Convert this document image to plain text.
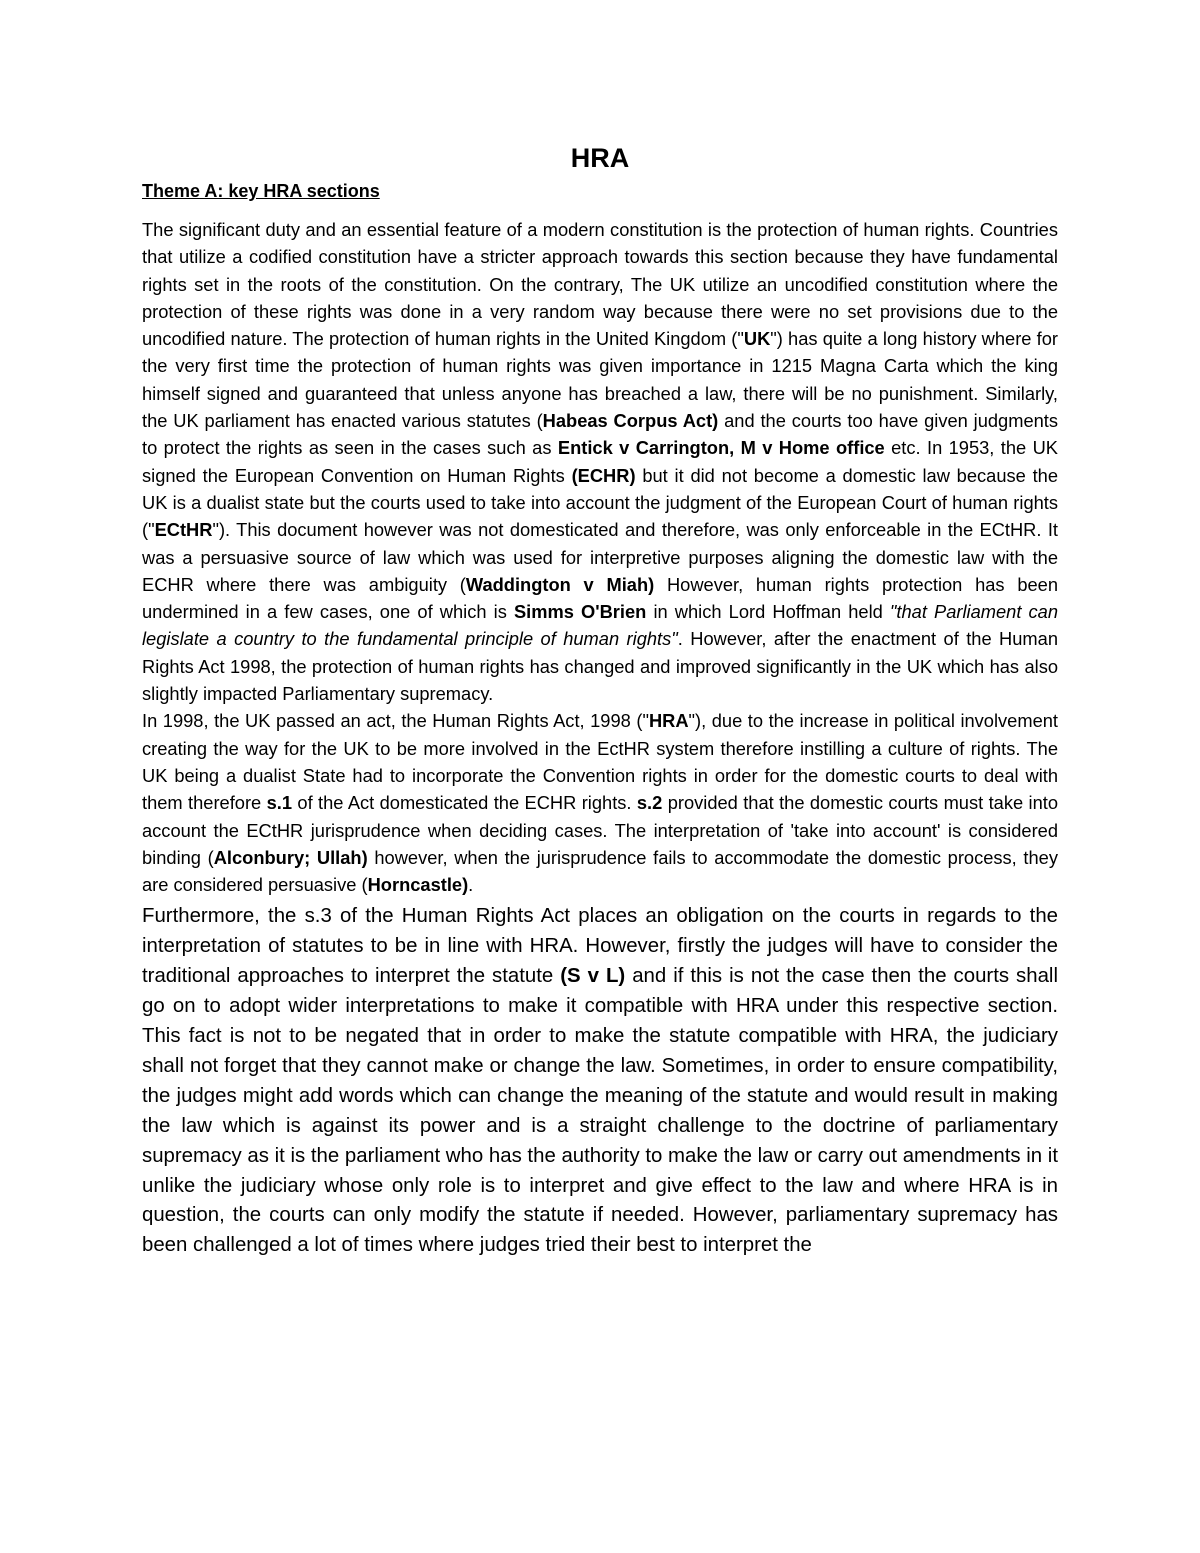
HRA
Theme A: key HRA sections

The significant duty and an essential feature of a modern constitution is the protection of human rights. Countries that utilize a codified constitution have a stricter approach towards this section because they have fundamental rights set in the roots of the constitution. On the contrary, The UK utilize an uncodified constitution where the protection of these rights was done in a very random way because there were no set provisions due to the uncodified nature. The protection of human rights in the United Kingdom ("UK") has quite a long history where for the very first time the protection of human rights was given importance in 1215 Magna Carta which the king himself signed and guaranteed that unless anyone has breached a law, there will be no punishment. Similarly, the UK parliament has enacted various statutes (Habeas Corpus Act) and the courts too have given judgments to protect the rights as seen in the cases such as Entick v Carrington, M v Home office etc. In 1953, the UK signed the European Convention on Human Rights (ECHR) but it did not become a domestic law because the UK is a dualist state but the courts used to take into account the judgment of the European Court of human rights ("ECtHR"). This document however was not domesticated and therefore, was only enforceable in the ECtHR. It was a persuasive source of law which was used for interpretive purposes aligning the domestic law with the ECHR where there was ambiguity (Waddington v Miah) However, human rights protection has been undermined in a few cases, one of which is Simms O'Brien in which Lord Hoffman held "that Parliament can legislate a country to the fundamental principle of human rights". However, after the enactment of the Human Rights Act 1998, the protection of human rights has changed and improved significantly in the UK which has also slightly impacted Parliamentary supremacy.

In 1998, the UK passed an act, the Human Rights Act, 1998 ("HRA"), due to the increase in political involvement creating the way for the UK to be more involved in the EctHR system therefore instilling a culture of rights. The UK being a dualist State had to incorporate the Convention rights in order for the domestic courts to deal with them therefore s.1 of the Act domesticated the ECHR rights. s.2 provided that the domestic courts must take into account the ECtHR jurisprudence when deciding cases. The interpretation of 'take into account' is considered binding (Alconbury; Ullah) however, when the jurisprudence fails to accommodate the domestic process, they are considered persuasive (Horncastle).

Furthermore, the s.3 of the Human Rights Act places an obligation on the courts in regards to the interpretation of statutes to be in line with HRA. However, firstly the judges will have to consider the traditional approaches to interpret the statute (S v L) and if this is not the case then the courts shall go on to adopt wider interpretations to make it compatible with HRA under this respective section. This fact is not to be negated that in order to make the statute compatible with HRA, the judiciary shall not forget that they cannot make or change the law. Sometimes, in order to ensure compatibility, the judges might add words which can change the meaning of the statute and would result in making the law which is against its power and is a straight challenge to the doctrine of parliamentary supremacy as it is the parliament who has the authority to make the law or carry out amendments in it unlike the judiciary whose only role is to interpret and give effect to the law and where HRA is in question, the courts can only modify the statute if needed. However, parliamentary supremacy has been challenged a lot of times where judges tried their best to interpret the
